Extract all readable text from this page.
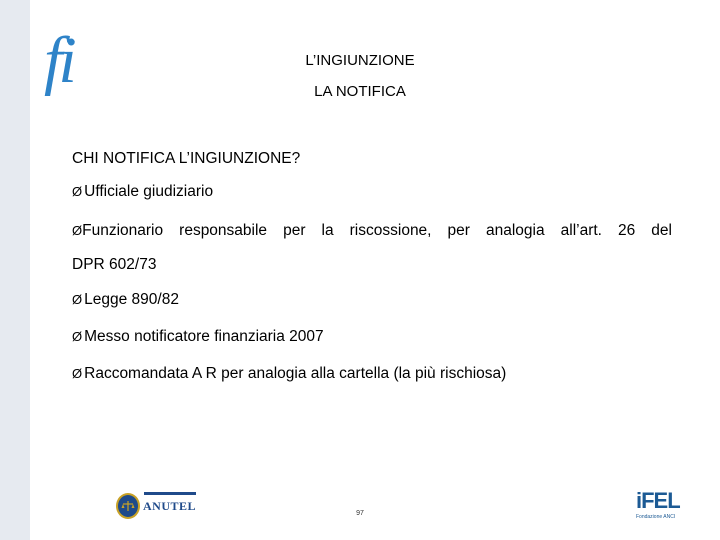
fi	L’INGIUNZIONE
LA NOTIFICA
CHI NOTIFICA L’INGIUNZIONE?
Ø Ufficiale giudiziario
ØFunzionario responsabile per la riscossione, per analogia all’art. 26 del
DPR 602/73
Ø Legge 890/82
Ø Messo notificatore finanziaria 2007
Ø Raccomandata A R per analogia alla cartella (la più rischiosa)
ANUTEL
97
iFEL
Fondazione ANCI
